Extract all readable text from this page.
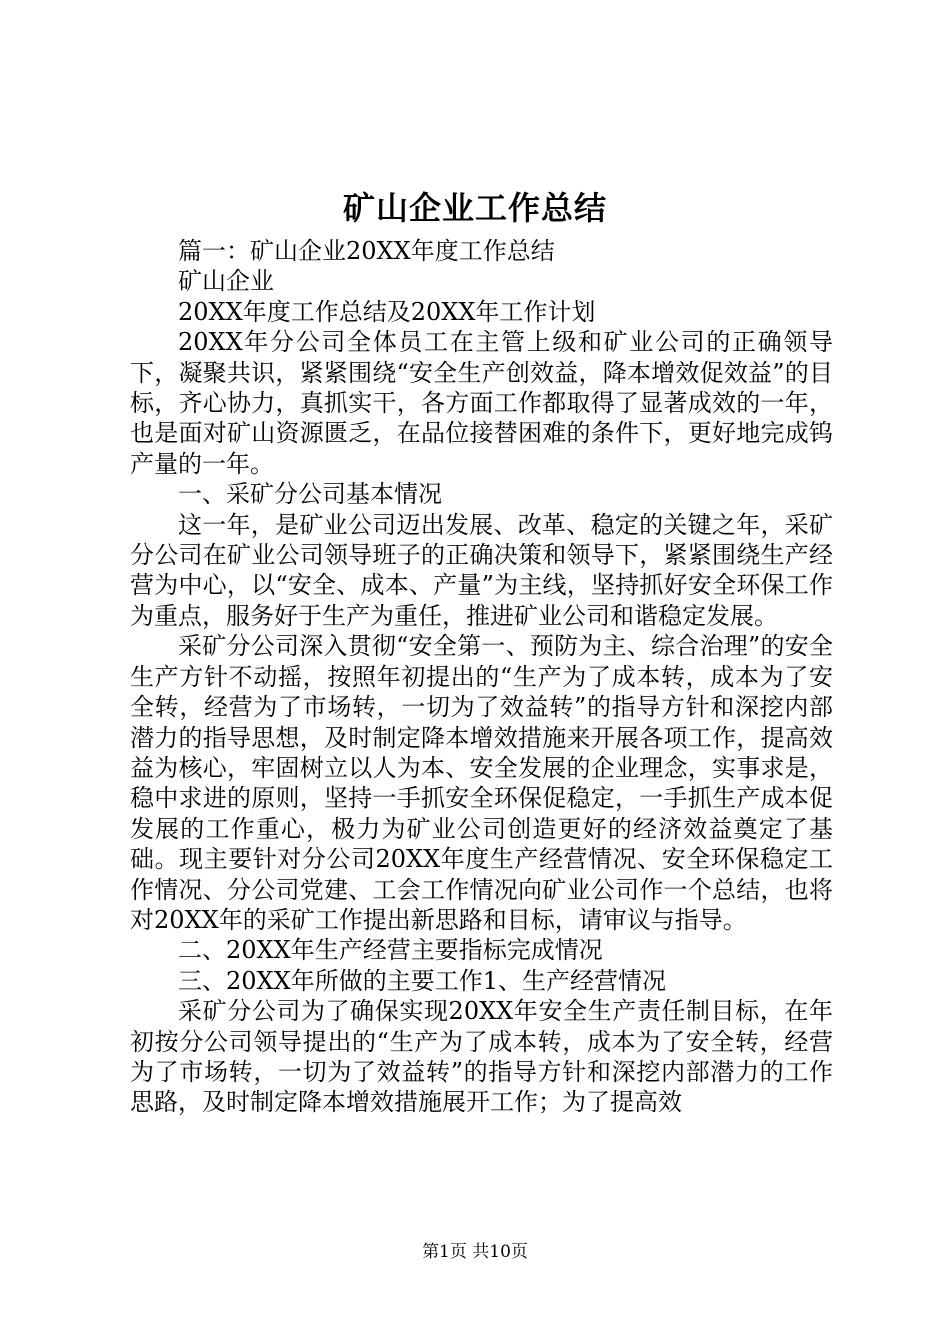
矿山企业工作总结

篇一：矿山企业20XX年度工作总结

矿山企业

20XX年度工作总结及20XX年工作计划

20XX年分公司全体员工在主管上级和矿业公司的正确领导下，凝聚共识，紧紧围绕“安全生产创效益，降本增效促效益”的目标，齐心协力，真抓实干，各方面工作都取得了显著成效的一年，也是面对矿山资源匮乏，在品位接替困难的条件下，更好地完成钨产量的一年。

一、采矿分公司基本情况

这一年，是矿业公司迈出发展、改革、稳定的关键之年，采矿分公司在矿业公司领导班子的正确决策和领导下，紧紧围绕生产经营为中心，以“安全、成本、产量”为主线，坚持抓好安全环保工作为重点，服务好于生产为重任，推进矿业公司和谐稳定发展。

采矿分公司深入贯彻“安全第一、预防为主、综合治理”的安全生产方针不动摇，按照年初提出的“生产为了成本转，成本为了安全转，经营为了市场转，一切为了效益转”的指导方针和深挖内部潜力的指导思想，及时制定降本增效措施来开展各项工作，提高效益为核心，牢固树立以人为本、安全发展的企业理念，实事求是，稳中求进的原则，坚持一手抓安全环保促稳定，一手抓生产成本促发展的工作重心，极力为矿业公司创造更好的经济效益奠定了基础。现主要针对分公司20XX年度生产经营情况、安全环保稳定工作情况、分公司党建、工会工作情况向矿业公司作一个总结，也将对20XX年的采矿工作提出新思路和目标，请审议与指导。

二、20XX年生产经营主要指标完成情况

三、20XX年所做的主要工作1、生产经营情况

采矿分公司为了确保实现20XX年安全生产责任制目标，在年初按分公司领导提出的“生产为了成本转，成本为了安全转，经营为了市场转，一切为了效益转”的指导方针和深挖内部潜力的工作思路，及时制定降本增效措施展开工作；为了提高效

第1页 共10页
